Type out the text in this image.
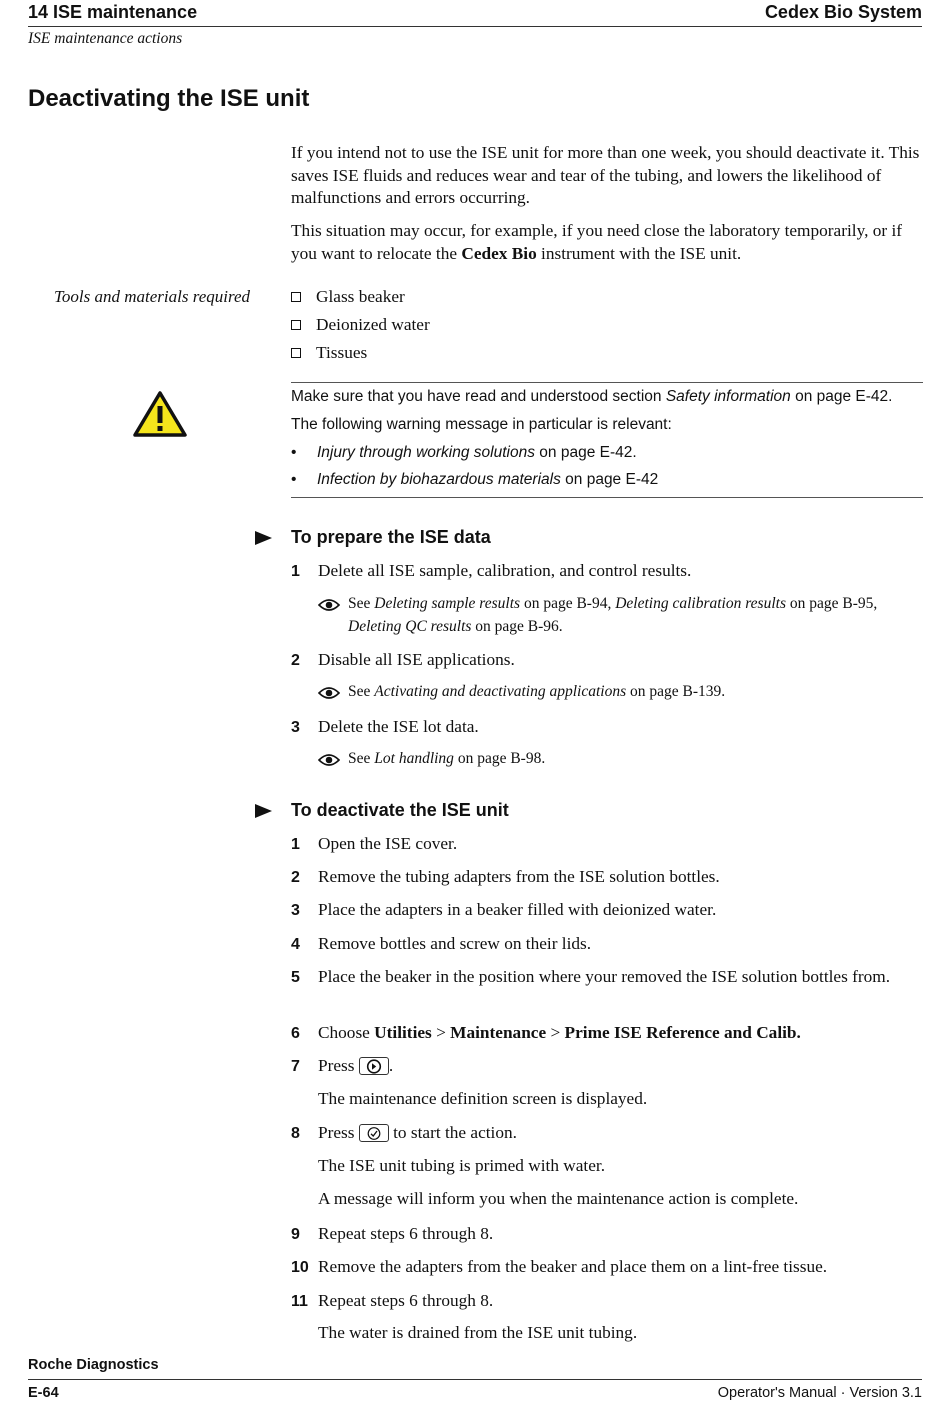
14 ISE maintenance	Cedex Bio System
ISE maintenance actions
Deactivating the ISE unit
If you intend not to use the ISE unit for more than one week, you should deactivate it. This saves ISE fluids and reduces wear and tear of the tubing, and lowers the likelihood of malfunctions and errors occurring.
This situation may occur, for example, if you need close the laboratory temporarily, or if you want to relocate the Cedex Bio instrument with the ISE unit.
Tools and materials required	Glass beaker
Deionized water
Tissues
Make sure that you have read and understood section Safety information on page E-42.
The following warning message in particular is relevant:
• Injury through working solutions on page E-42.
• Infection by biohazardous materials on page E-42
To prepare the ISE data
1	Delete all ISE sample, calibration, and control results.
See Deleting sample results on page B-94, Deleting calibration results on page B-95, Deleting QC results on page B-96.
2	Disable all ISE applications.
See Activating and deactivating applications on page B-139.
3	Delete the ISE lot data.
See Lot handling on page B-98.
To deactivate the ISE unit
1	Open the ISE cover.
2	Remove the tubing adapters from the ISE solution bottles.
3	Place the adapters in a beaker filled with deionized water.
4	Remove bottles and screw on their lids.
5	Place the beaker in the position where your removed the ISE solution bottles from.
6	Choose Utilities > Maintenance > Prime ISE Reference and Calib.
7	Press .
The maintenance definition screen is displayed.
8	Press  to start the action.
The ISE unit tubing is primed with water.
A message will inform you when the maintenance action is complete.
9	Repeat steps 6 through 8.
10 Remove the adapters from the beaker and place them on a lint-free tissue.
11 Repeat steps 6 through 8.
The water is drained from the ISE unit tubing.
Roche Diagnostics
E-64	Operator's Manual · Version 3.1
